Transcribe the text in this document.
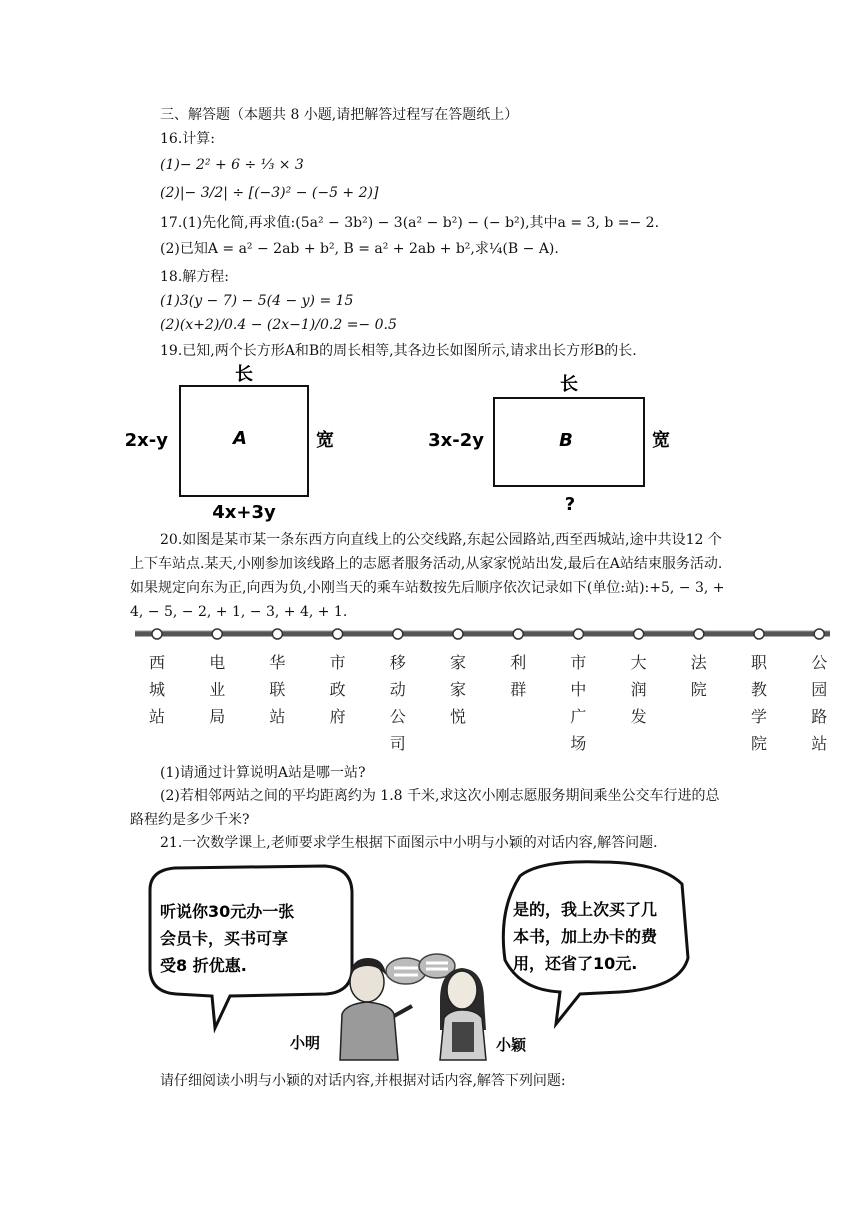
三、解答题（本题共 8 小题,请把解答过程写在答题纸上）
16.计算:
(1)− 2² + 6 ÷ ⅓ × 3
(2)|− 3/2| ÷ [(−3)² − (−5 + 2)]
17.(1)先化简,再求值:(5a² − 3b²) − 3(a² − b²) − (− b²),其中a = 3, b =− 2.
(2)已知A = a² − 2ab + b², B = a² + 2ab + b²,求¼(B − A).
18.解方程:
(1)3(y − 7) − 5(4 − y) = 15
(2)(x+2)/0.4 − (2x−1)/0.2 =− 0.5
19.已知,两个长方形A和B的周长相等,其各边长如图所示,请求出长方形B的长.
长
2x-y	宽
4x+3y
A
长
3x-2y	宽
?
B
20.如图是某市某一条东西方向直线上的公交线路,东起公园路站,西至西城站,途中共设12 个上下车站点.某天,小刚参加该线路上的志愿者服务活动,从家家悦站出发,最后在A站结束服务活动.如果规定向东为正,向西为负,小刚当天的乘车站数按先后顺序依次记录如下(单位:站):+5, − 3, + 4, − 5, − 2, + 1, − 3, + 4, + 1.
西
城
站
电
业
局
华
联
站
市
政
府
移
动
公
司
家
家
悦
利
群
市
中
广
场
大
润
发
法
院
职
教
学
院
公
园
路
站
(1)请通过计算说明A站是哪一站?
(2)若相邻两站之间的平均距离约为 1.8 千米,求这次小刚志愿服务期间乘坐公交车行进的总路程约是多少千米?
21.一次数学课上,老师要求学生根据下面图示中小明与小颖的对话内容,解答问题.
听说你30元办一张会员卡，买书可享受8 折优惠.
是的，我上次买了几本书，加上办卡的费用，还省了10元.
小明	小颖
请仔细阅读小明与小颖的对话内容,并根据对话内容,解答下列问题:
